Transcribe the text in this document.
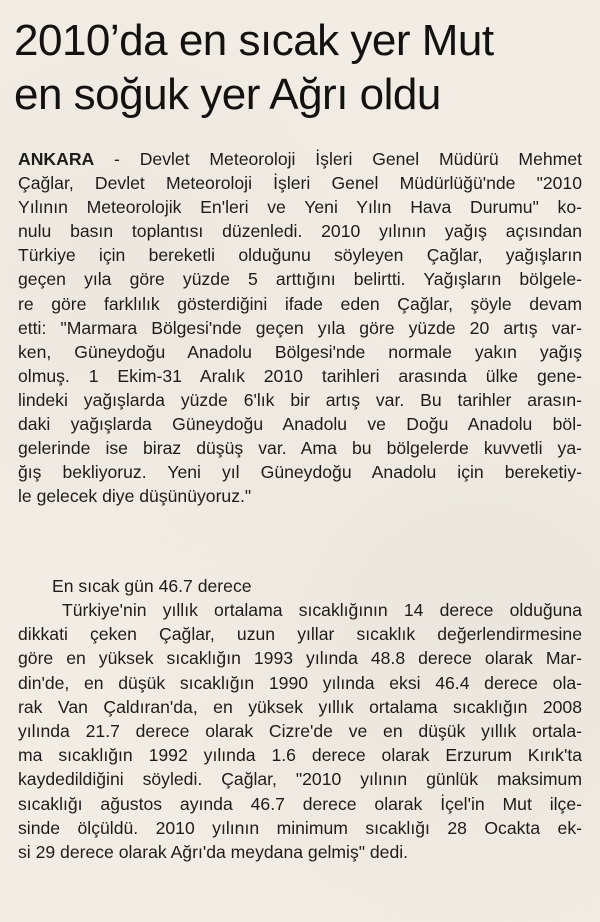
2010’da en sıcak yer Mut
en soğuk yer Ağrı oldu
ANKARA - Devlet Meteoroloji İşleri Genel Müdürü Mehmet
Çağlar, Devlet Meteoroloji İşleri Genel Müdürlüğü'nde "2010
Yılının Meteorolojik En'leri ve Yeni Yılın Hava Durumu" ko-
nulu basın toplantısı düzenledi. 2010 yılının yağış açısından
Türkiye için bereketli olduğunu söyleyen Çağlar, yağışların
geçen yıla göre yüzde 5 arttığını belirtti. Yağışların bölgele-
re göre farklılık gösterdiğini ifade eden Çağlar, şöyle devam
etti: "Marmara Bölgesi'nde geçen yıla göre yüzde 20 artış var-
ken, Güneydoğu Anadolu Bölgesi'nde normale yakın yağış
olmuş. 1 Ekim-31 Aralık 2010 tarihleri arasında ülke gene-
lindeki yağışlarda yüzde 6'lık bir artış var. Bu tarihler arasın-
daki yağışlarda Güneydoğu Anadolu ve Doğu Anadolu böl-
gelerinde ise biraz düşüş var. Ama bu bölgelerde kuvvetli ya-
ğış bekliyoruz. Yeni yıl Güneydoğu Anadolu için bereketiy-
le gelecek diye düşünüyoruz."
En sıcak gün 46.7 derece
Türkiye'nin yıllık ortalama sıcaklığının 14 derece olduğuna
dikkati çeken Çağlar, uzun yıllar sıcaklık değerlendirmesine
göre en yüksek sıcaklığın 1993 yılında 48.8 derece olarak Mar-
din'de, en düşük sıcaklığın 1990 yılında eksi 46.4 derece ola-
rak Van Çaldıran'da, en yüksek yıllık ortalama sıcaklığın 2008
yılında 21.7 derece olarak Cizre'de ve en düşük yıllık ortala-
ma sıcaklığın 1992 yılında 1.6 derece olarak Erzurum Kırık'ta
kaydedildiğini söyledi. Çağlar, "2010 yılının günlük maksimum
sıcaklığı ağustos ayında 46.7 derece olarak İçel'in Mut ilçe-
sinde ölçüldü. 2010 yılının minimum sıcaklığı 28 Ocakta ek-
si 29 derece olarak Ağrı'da meydana gelmiş" dedi.
